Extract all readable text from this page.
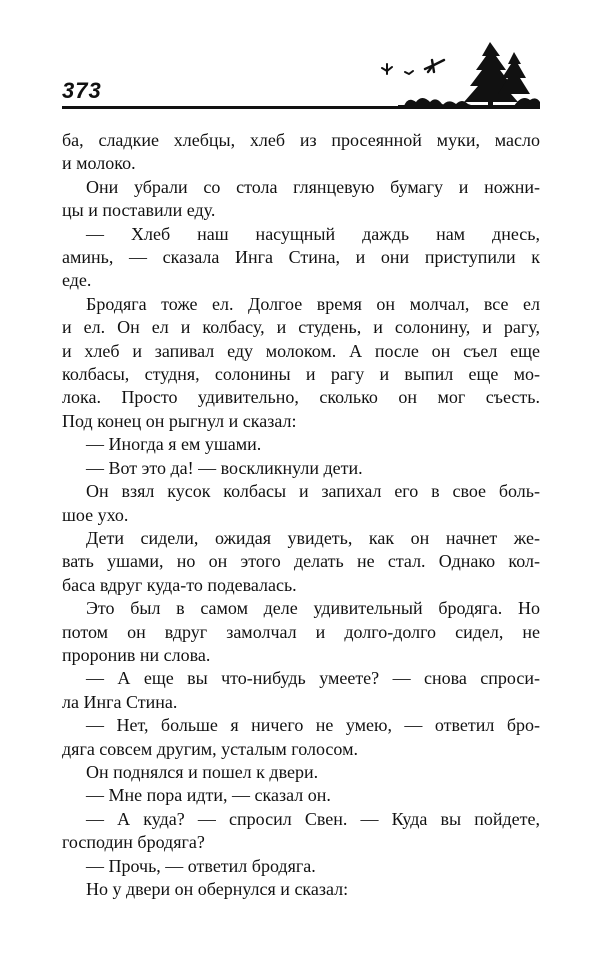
373

ба, сладкие хлебцы, хлеб из просеянной муки, масло
и молоко.

Они убрали со стола глянцевую бумагу и ножни-
цы и поставили еду.

— Хлеб наш насущный даждь нам днесь,
аминь, — сказала Инга Стина, и они приступили к
еде.

Бродяга тоже ел. Долгое время он молчал, все ел
и ел. Он ел и колбасу, и студень, и солонину, и рагу,
и хлеб и запивал еду молоком. А после он съел еще
колбасы, студня, солонины и рагу и выпил еще мо-
лока. Просто удивительно, сколько он мог съесть.
Под конец он рыгнул и сказал:

— Иногда я ем ушами.

— Вот это да! — воскликнули дети.

Он взял кусок колбасы и запихал его в свое боль-
шое ухо.

Дети сидели, ожидая увидеть, как он начнет же-
вать ушами, но он этого делать не стал. Однако кол-
баса вдруг куда-то подевалась.

Это был в самом деле удивительный бродяга. Но
потом он вдруг замолчал и долго-долго сидел, не
проронив ни слова.

— А еще вы что-нибудь умеете? — снова спроси-
ла Инга Стина.

— Нет, больше я ничего не умею, — ответил бро-
дяга совсем другим, усталым голосом.

Он поднялся и пошел к двери.

— Мне пора идти, — сказал он.

— А куда? — спросил Свен. — Куда вы пойдете,
господин бродяга?

— Прочь, — ответил бродяга.

Но у двери он обернулся и сказал:
